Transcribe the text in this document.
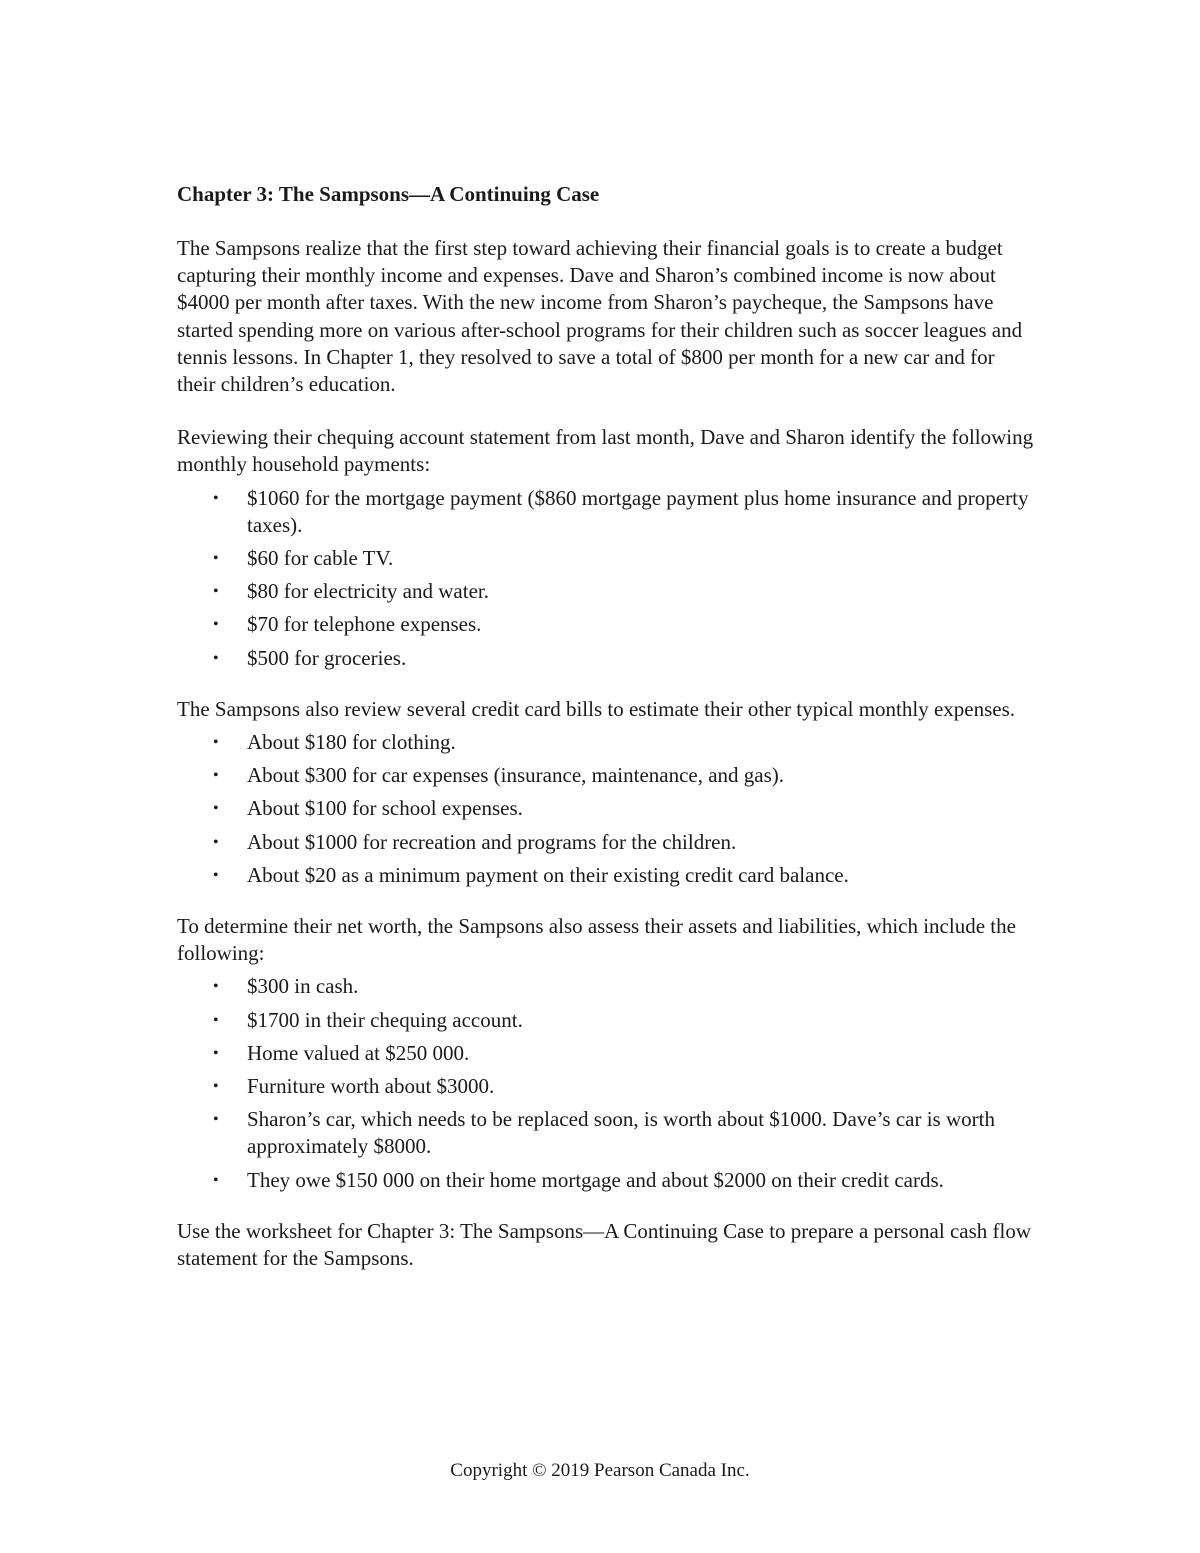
Chapter 3: The Sampsons—A Continuing Case

The Sampsons realize that the first step toward achieving their financial goals is to create a budget capturing their monthly income and expenses. Dave and Sharon’s combined income is now about $4000 per month after taxes. With the new income from Sharon’s paycheque, the Sampsons have started spending more on various after-school programs for their children such as soccer leagues and tennis lessons. In Chapter 1, they resolved to save a total of $800 per month for a new car and for their children’s education.

Reviewing their chequing account statement from last month, Dave and Sharon identify the following monthly household payments:

• $1060 for the mortgage payment ($860 mortgage payment plus home insurance and property taxes).
• $60 for cable TV.
• $80 for electricity and water.
• $70 for telephone expenses.
• $500 for groceries.

The Sampsons also review several credit card bills to estimate their other typical monthly expenses.

• About $180 for clothing.
• About $300 for car expenses (insurance, maintenance, and gas).
• About $100 for school expenses.
• About $1000 for recreation and programs for the children.
• About $20 as a minimum payment on their existing credit card balance.

To determine their net worth, the Sampsons also assess their assets and liabilities, which include the following:

• $300 in cash.
• $1700 in their chequing account.
• Home valued at $250 000.
• Furniture worth about $3000.
• Sharon’s car, which needs to be replaced soon, is worth about $1000. Dave’s car is worth approximately $8000.
• They owe $150 000 on their home mortgage and about $2000 on their credit cards.

Use the worksheet for Chapter 3: The Sampsons—A Continuing Case to prepare a personal cash flow statement for the Sampsons.

Copyright © 2019 Pearson Canada Inc.
